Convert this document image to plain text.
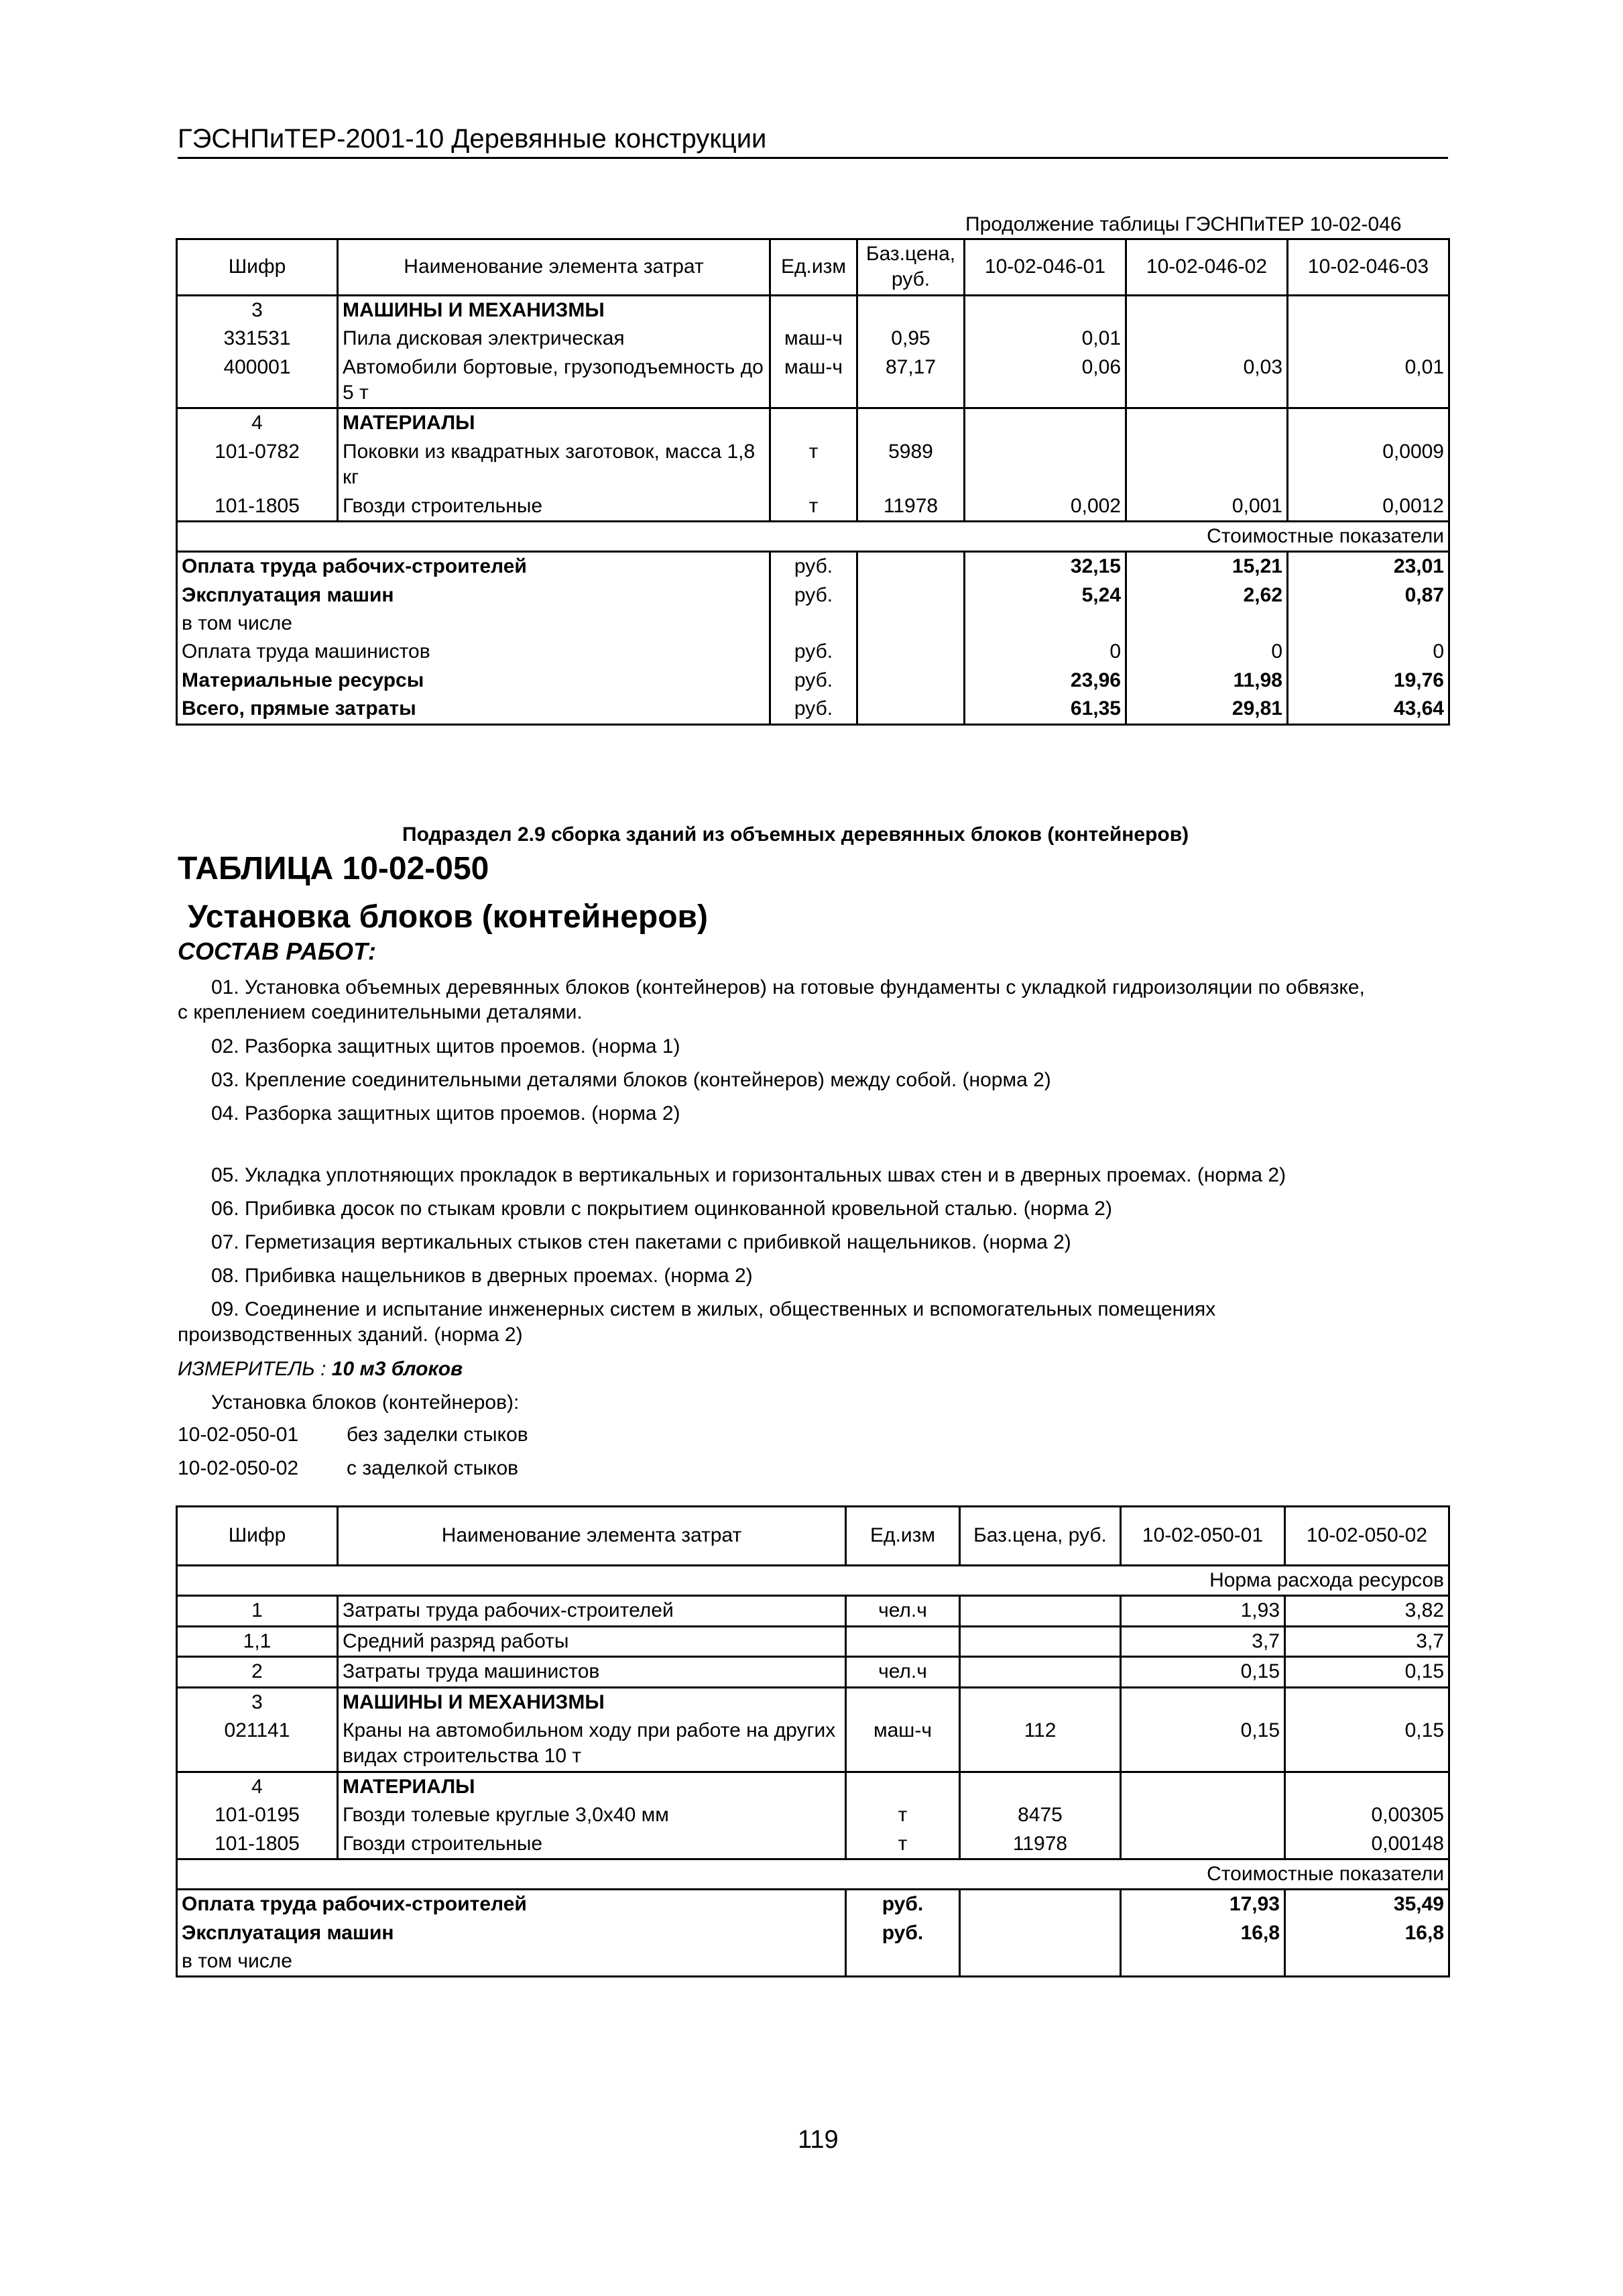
ГЭСНПиТЕР-2001-10 Деревянные конструкции
Продолжение таблицы ГЭСНПиТЕР 10-02-046
Шифр	Наименование элемента затрат	Ед.изм	Баз.цена, руб.	10-02-046-01	10-02-046-02	10-02-046-03
3	МАШИНЫ И МЕХАНИЗМЫ					
331531	Пила дисковая электрическая	маш-ч	0,95	0,01		
400001	Автомобили бортовые, грузоподъемность до 5 т	маш-ч	87,17	0,06	0,03	0,01
4	МАТЕРИАЛЫ					
101-0782	Поковки из квадратных заготовок, масса 1,8 кг	т	5989			0,0009
101-1805	Гвозди строительные	т	11978	0,002	0,001	0,0012
Стоимостные показатели						
Оплата труда рабочих-строителей		руб.		32,15	15,21	23,01
Эксплуатация машин		руб.		5,24	2,62	0,87
в том числе						
Оплата труда машинистов		руб.		0	0	0
Материальные ресурсы		руб.		23,96	11,98	19,76
Всего, прямые затраты		руб.		61,35	29,81	43,64
Подраздел 2.9 сборка зданий из объемных деревянных блоков (контейнеров)
ТАБЛИЦА 10-02-050
Установка блоков (контейнеров)
СОСТАВ РАБОТ:
01. Установка объемных деревянных блоков (контейнеров) на готовые фундаменты с укладкой гидроизоляции по обвязке,
с креплением соединительными деталями.
02. Разборка защитных щитов проемов. (норма 1)
03. Крепление соединительными деталями блоков (контейнеров) между собой. (норма 2)
04. Разборка защитных щитов проемов. (норма 2)
05. Укладка уплотняющих прокладок в вертикальных и горизонтальных швах стен и в дверных проемах. (норма 2)
06. Прибивка досок по стыкам кровли с покрытием оцинкованной кровельной сталью. (норма 2)
07. Герметизация вертикальных стыков стен пакетами с прибивкой нащельников. (норма 2)
08. Прибивка нащельников в дверных проемах. (норма 2)
09. Соединение и испытание инженерных систем в жилых, общественных и вспомогательных помещениях
производственных зданий. (норма 2)
ИЗМЕРИТЕЛЬ : 10 м3 блоков
Установка блоков (контейнеров):
10-02-050-01 без заделки стыков
10-02-050-02 с заделкой стыков
Шифр	Наименование элемента затрат	Ед.изм	Баз.цена, руб.	10-02-050-01	10-02-050-02
Норма расхода ресурсов					
1	Затраты труда рабочих-строителей	чел.ч		1,93	3,82
1,1	Средний разряд работы			3,7	3,7
2	Затраты труда машинистов	чел.ч		0,15	0,15
3	МАШИНЫ И МЕХАНИЗМЫ				
021141	Краны на автомобильном ходу при работе на других видах строительства 10 т	маш-ч	112	0,15	0,15
4	МАТЕРИАЛЫ				
101-0195	Гвозди толевые круглые 3,0х40 мм	т	8475		0,00305
101-1805	Гвозди строительные	т	11978		0,00148
Стоимостные показатели					
Оплата труда рабочих-строителей		руб.		17,93	35,49
Эксплуатация машин		руб.		16,8	16,8
в том числе					
119
